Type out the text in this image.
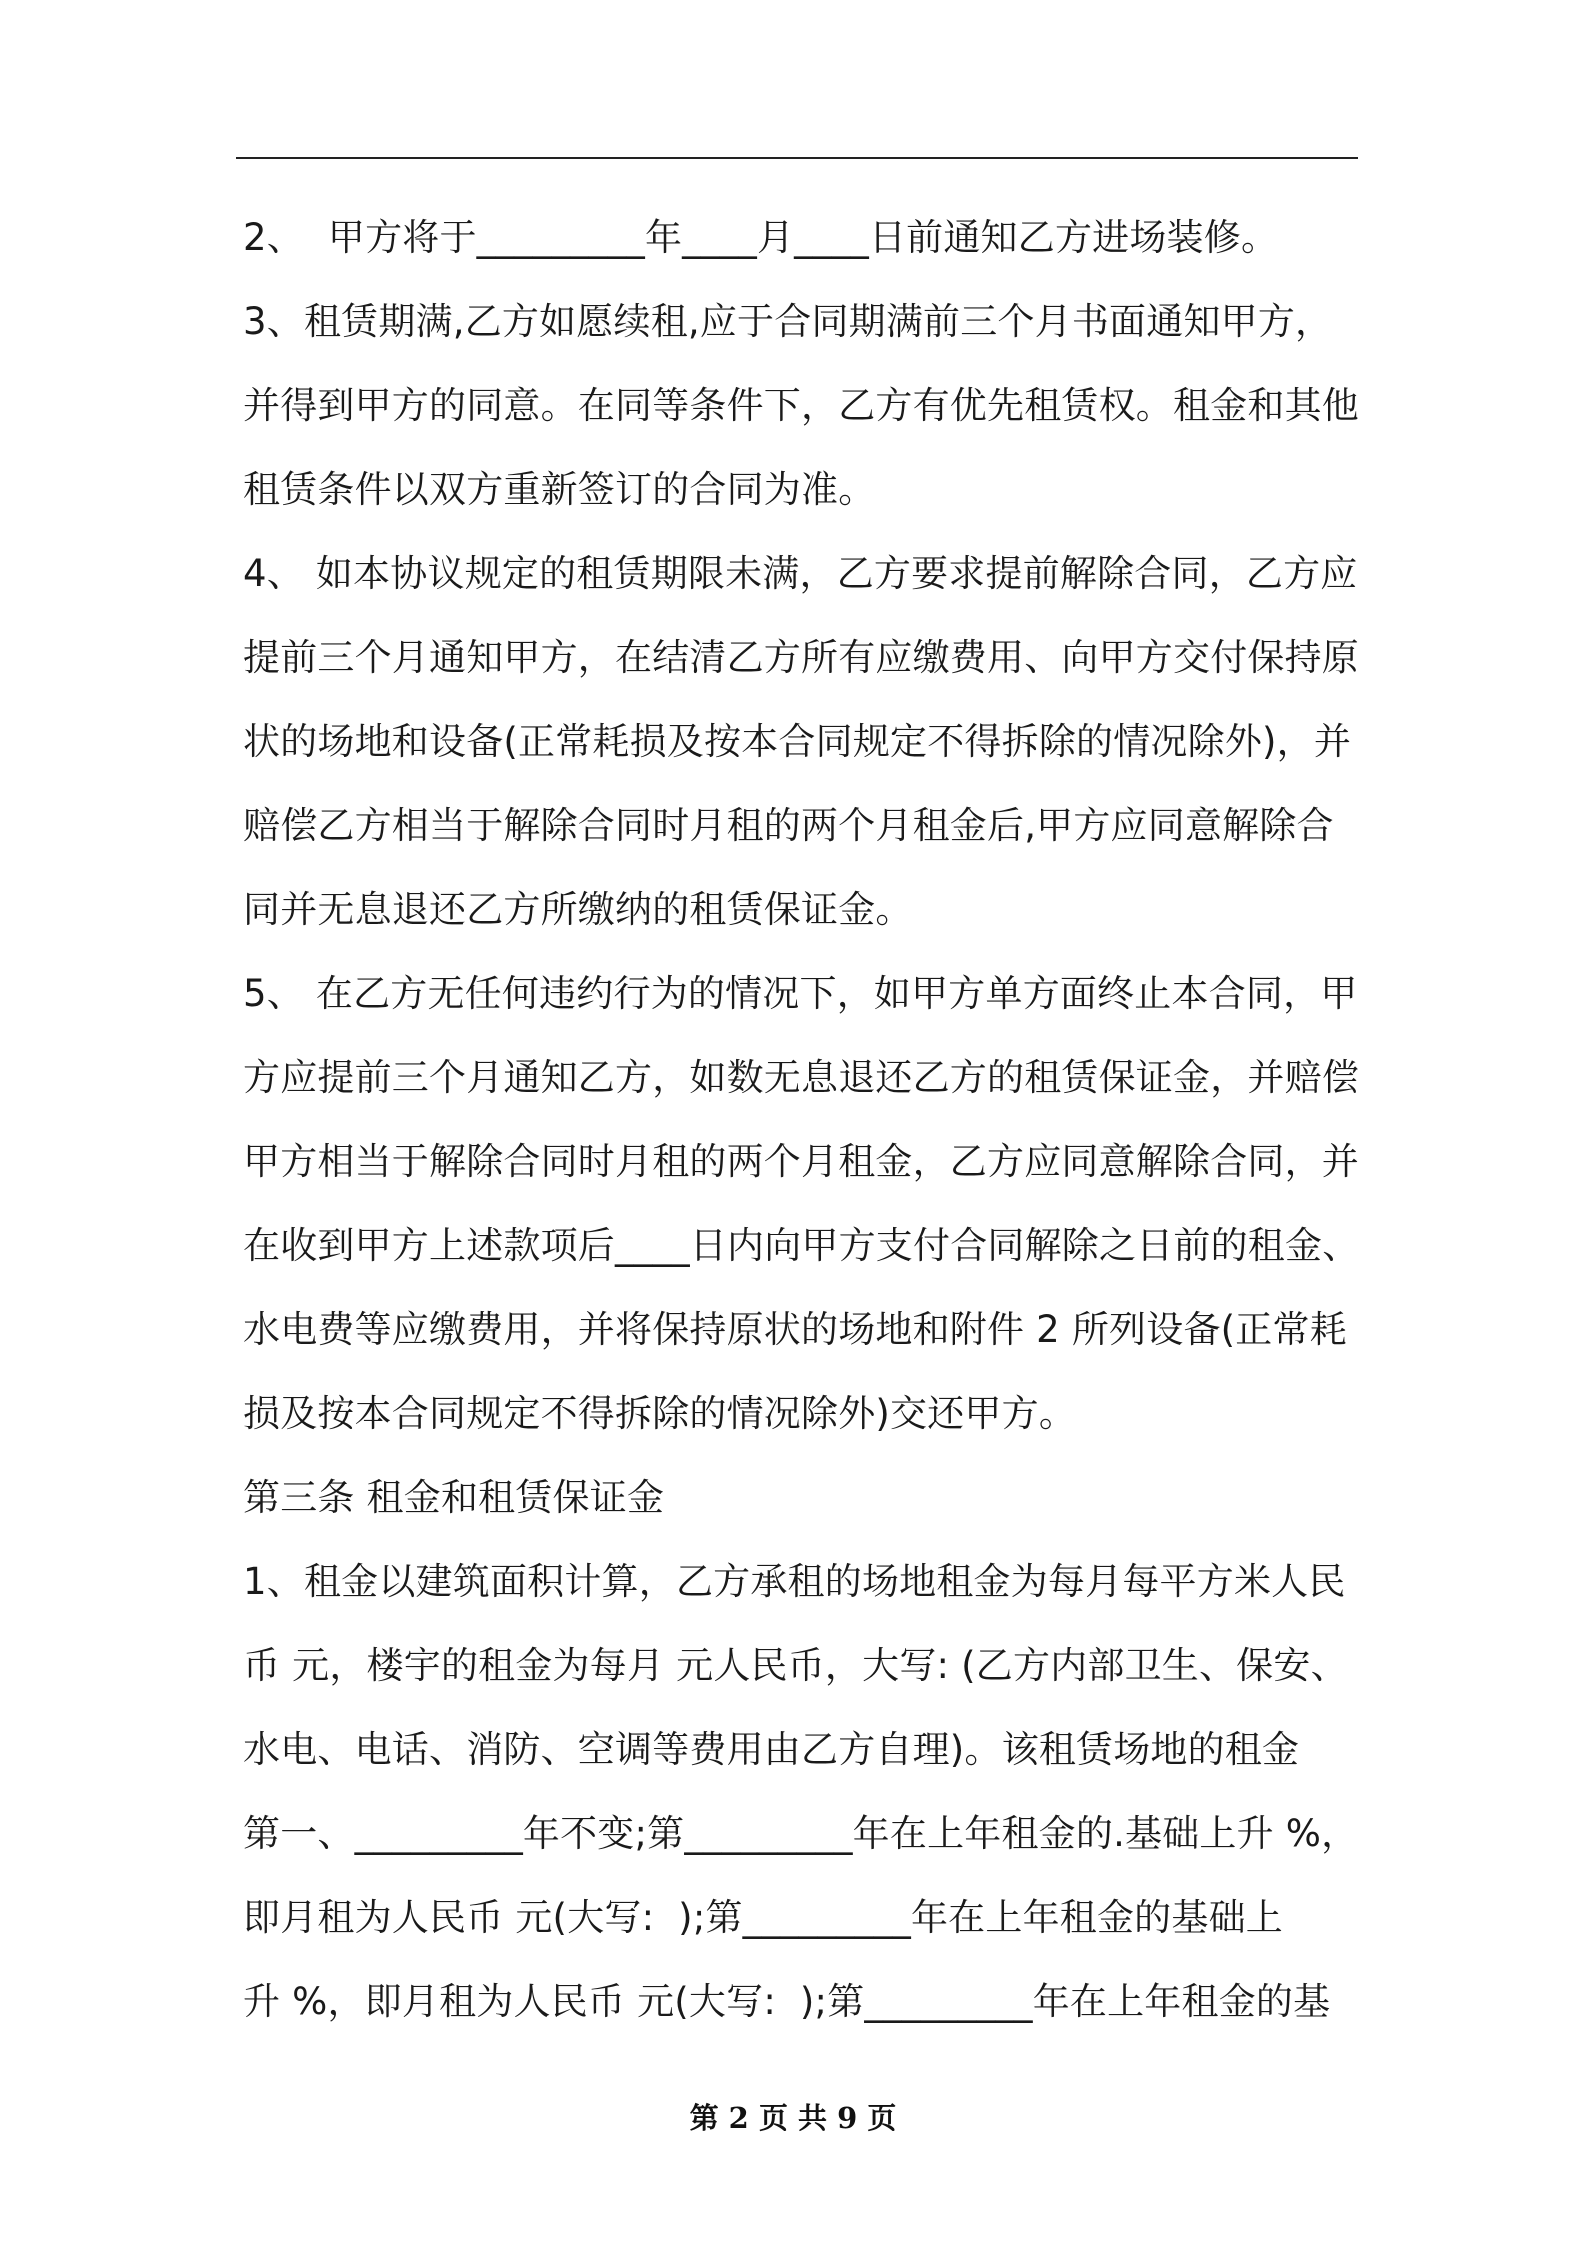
2、  甲方将于_________年____月____日前通知乙方进场装修。
3、租赁期满,乙方如愿续租,应于合同期满前三个月书面通知甲方，
并得到甲方的同意。在同等条件下，乙方有优先租赁权。租金和其他
租赁条件以双方重新签订的合同为准。
4、 如本协议规定的租赁期限未满，乙方要求提前解除合同，乙方应
提前三个月通知甲方，在结清乙方所有应缴费用、向甲方交付保持原
状的场地和设备(正常耗损及按本合同规定不得拆除的情况除外)，并
赔偿乙方相当于解除合同时月租的两个月租金后,甲方应同意解除合
同并无息退还乙方所缴纳的租赁保证金。
5、 在乙方无任何违约行为的情况下，如甲方单方面终止本合同，甲
方应提前三个月通知乙方，如数无息退还乙方的租赁保证金，并赔偿
甲方相当于解除合同时月租的两个月租金，乙方应同意解除合同，并
在收到甲方上述款项后____日内向甲方支付合同解除之日前的租金、
水电费等应缴费用，并将保持原状的场地和附件 2 所列设备(正常耗
损及按本合同规定不得拆除的情况除外)交还甲方。
第三条 租金和租赁保证金
1、租金以建筑面积计算，乙方承租的场地租金为每月每平方米人民
币 元，楼宇的租金为每月 元人民币，大写: (乙方内部卫生、保安、
水电、电话、消防、空调等费用由乙方自理)。该租赁场地的租金
第一、_________年不变;第_________年在上年租金的.基础上升 %，
即月租为人民币 元(大写:  );第_________年在上年租金的基础上
升 %，即月租为人民币 元(大写:  );第_________年在上年租金的基
第 2 页 共 9 页
